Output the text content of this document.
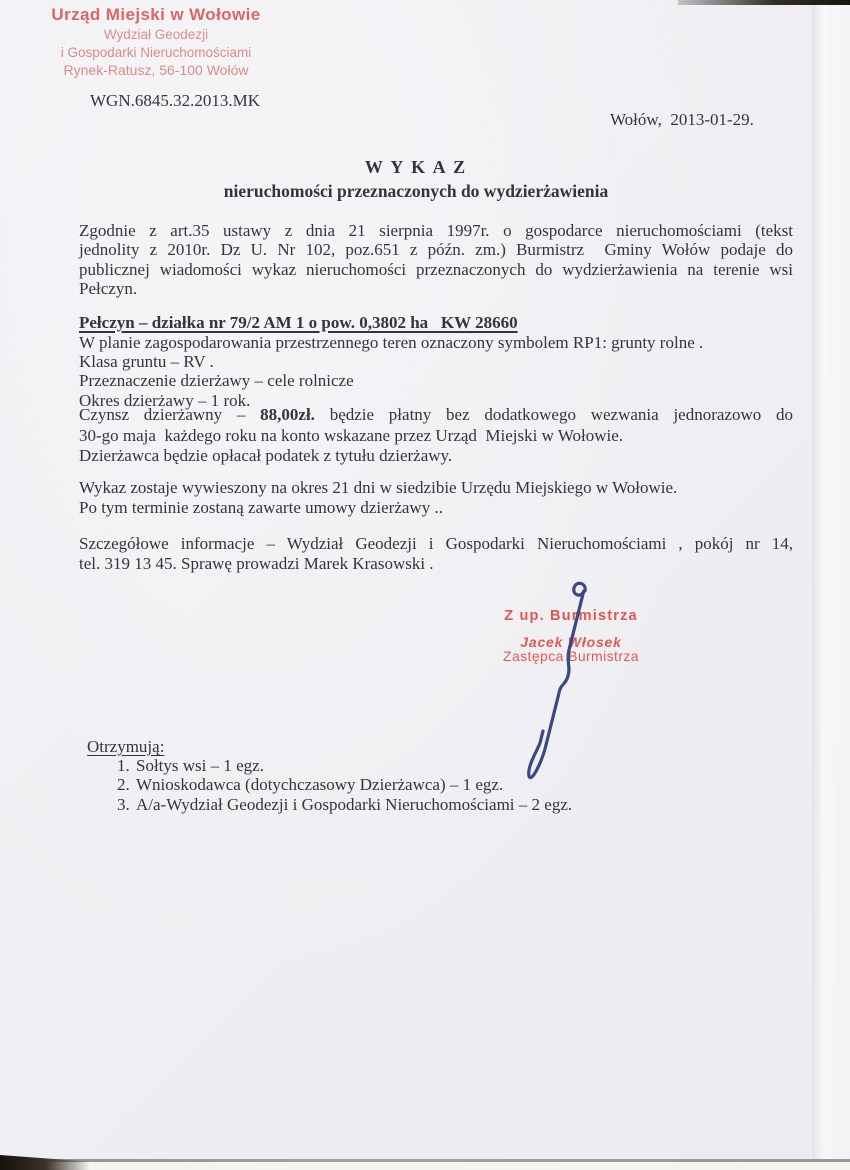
Urząd Miejski w Wołowie
Wydział Geodezji
i Gospodarki Nieruchomościami
Rynek-Ratusz, 56-100 Wołów
WGN.6845.32.2013.MK
Wołów,  2013-01-29.
W Y K A Z
nieruchomości przeznaczonych do wydzierżawienia
Zgodnie z art.35 ustawy z dnia 21 sierpnia 1997r. o gospodarce nieruchomościami (tekst
jednolity z 2010r. Dz U. Nr 102, poz.651 z późn. zm.) Burmistrz  Gminy Wołów podaje do
publicznej wiadomości wykaz nieruchomości przeznaczonych do wydzierżawienia na terenie wsi
Pełczyn.
Pełczyn – działka nr 79/2 AM 1 o pow. 0,3802 ha   KW 28660
W planie zagospodarowania przestrzennego teren oznaczony symbolem RP1: grunty rolne .
Klasa gruntu – RV .
Przeznaczenie dzierżawy – cele rolnicze
Okres dzierżawy – 1 rok.
Czynsz dzierżawny – 88,00zł. będzie płatny bez dodatkowego wezwania jednorazowo do
30-go maja  każdego roku na konto wskazane przez Urząd  Miejski w Wołowie.
Dzierżawca będzie opłacał podatek z tytułu dzierżawy.
Wykaz zostaje wywieszony na okres 21 dni w siedzibie Urzędu Miejskiego w Wołowie.
Po tym terminie zostaną zawarte umowy dzierżawy ..
Szczegółowe informacje – Wydział Geodezji i Gospodarki Nieruchomościami , pokój nr 14,
tel. 319 13 45. Sprawę prowadzi Marek Krasowski .
Z up. Burmistrza
Jacek Włosek
Zastępca Burmistrza
Otrzymują:
1. Sołtys wsi – 1 egz.
2. Wnioskodawca (dotychczasowy Dzierżawca) – 1 egz.
3. A/a-Wydział Geodezji i Gospodarki Nieruchomościami – 2 egz.
